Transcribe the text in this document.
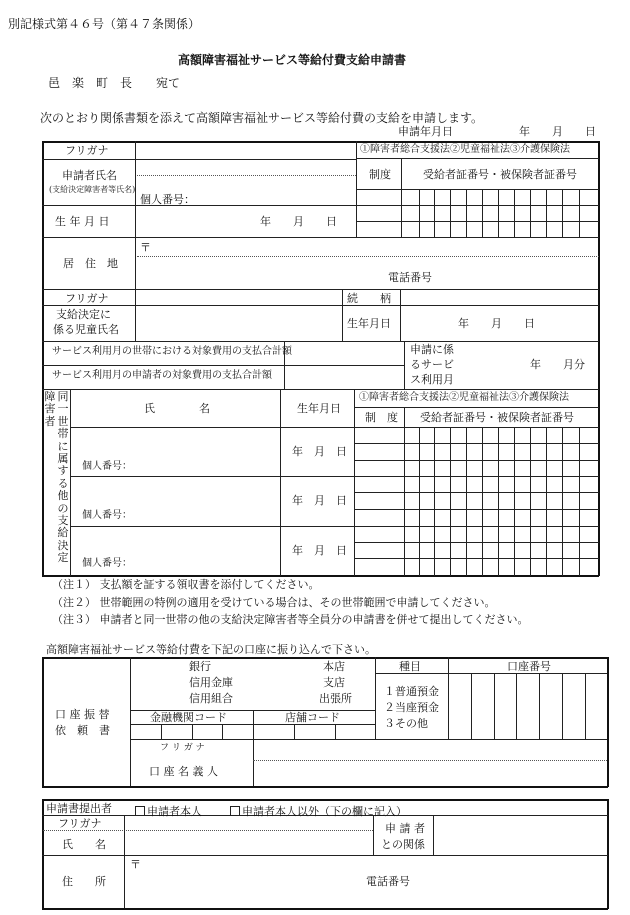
別記様式第４６号（第４７条関係）
高額障害福祉サービス等給付費支給申請書
邑　楽　町　長　　宛て
次のとおり関係書類を添えて高額障害福祉サービス等給付費の支給を申請します。
申請年月日　　　　　　年　　月　　日
フリガナ
申請者氏名
(支給決定障害者等氏名)
個人番号：
①障害者総合支援法②児童福祉法③介護保険法
制度	受給者証番号・被保険者証番号
生 年 月 日	年　　月　　日
居　住　地
〒
電話番号
フリガナ
支給決定に
係る児童氏名
続　　柄
生年月日	年　　月　　日
サービス利用月の世帯における対象費用の支払合計額
サービス利用月の申請者の対象費用の支払合計額
申請に係
るサービ
ス利用月
年　　月分
障害者
同一世帯に属する他の支給決定
氏　　　　名	生年月日
①障害者総合支援法②児童福祉法③介護保険法
制　度 受給者証番号・被保険者証番号
個人番号：
年　月　日
個人番号：
年　月　日
個人番号：
年　月　日
（注１） 支払額を証する領収書を添付してください。
（注２） 世帯範囲の特例の適用を受けている場合は、その世帯範囲で申請してください。
（注３） 申請者と同一世帯の他の支給決定障害者等全員分の申請書を併せて提出してください。
高額障害福祉サービス等給付費を下記の口座に振り込んで下さい。
口 座 振 替
依　頼　書
銀行
信用金庫
信用組合
本店
支店
出張所
種目
１普通預金
２当座預金
３その他
口座番号
金融機関コード	店舗コード
フ リ ガ ナ
口 座 名 義 人
申請書提出者	申請者本人	申請者本人以外（下の欄に記入）
フリガナ
氏　　名
申 請 者
との関係
住　　所
〒
電話番号
